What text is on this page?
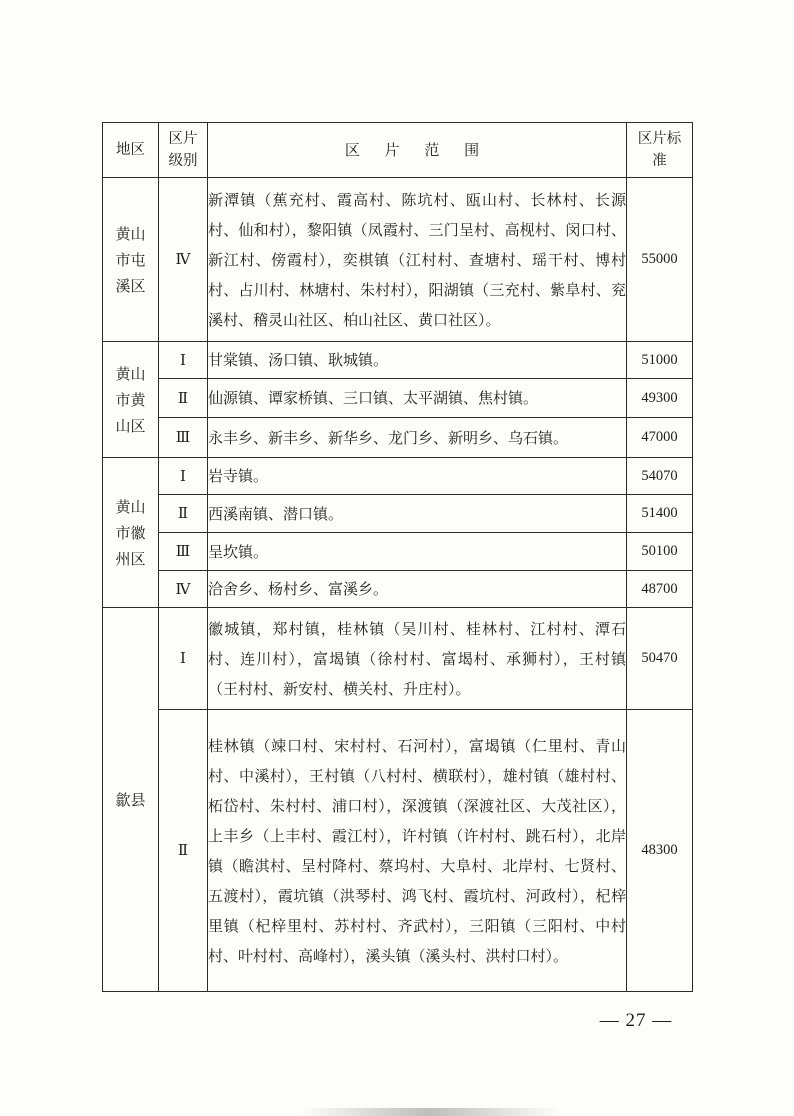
地区	区片级别	区 片 范 围	区片标准
黄山市屯溪区	Ⅳ	新潭镇（蕉充村、霞高村、陈坑村、瓯山村、长林村、长源村、仙和村），黎阳镇（凤霞村、三门呈村、高枧村、闵口村、新江村、傍霞村），奕棋镇（江村村、查塘村、瑶干村、博村村、占川村、林塘村、朱村村），阳湖镇（三充村、紫阜村、兖溪村、稽灵山社区、柏山社区、黄口社区）。	55000
黄山市黄山区	Ⅰ	甘棠镇、汤口镇、耿城镇。	51000
	Ⅱ	仙源镇、谭家桥镇、三口镇、太平湖镇、焦村镇。	49300
	Ⅲ	永丰乡、新丰乡、新华乡、龙门乡、新明乡、乌石镇。	47000
黄山市徽州区	Ⅰ	岩寺镇。	54070
	Ⅱ	西溪南镇、潜口镇。	51400
	Ⅲ	呈坎镇。	50100
	Ⅳ	洽舍乡、杨村乡、富溪乡。	48700
歙县	Ⅰ	徽城镇，郑村镇，桂林镇（吴川村、桂林村、江村村、潭石村、连川村），富堨镇（徐村村、富堨村、承狮村），王村镇（王村村、新安村、横关村、升庄村）。	50470
	Ⅱ	桂林镇（竦口村、宋村村、石河村），富堨镇（仁里村、青山村、中溪村），王村镇（八村村、横联村），雄村镇（雄村村、柘岱村、朱村村、浦口村），深渡镇（深渡社区、大茂社区），上丰乡（上丰村、霞江村），许村镇（许村村、跳石村），北岸镇（瞻淇村、呈村降村、蔡坞村、大阜村、北岸村、七贤村、五渡村），霞坑镇（洪琴村、鸿飞村、霞坑村、河政村），杞梓里镇（杞梓里村、苏村村、齐武村），三阳镇（三阳村、中村村、叶村村、高峰村），溪头镇（溪头村、洪村口村）。	48300
— 27 —
